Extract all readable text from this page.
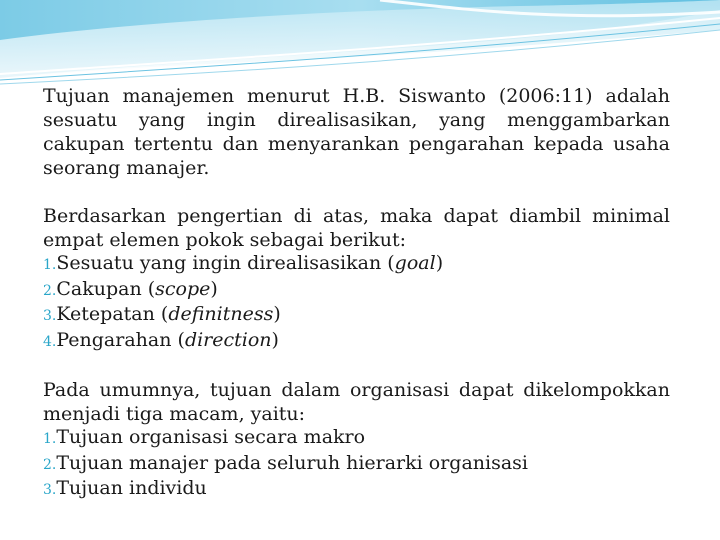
Tujuan manajemen menurut H.B. Siswanto (2006:11) adalah sesuatu yang ingin direalisasikan, yang menggambarkan cakupan tertentu dan menyarankan pengarahan kepada usaha seorang manajer.

Berdasarkan pengertian di atas, maka dapat diambil minimal empat elemen pokok sebagai berikut:

1.Sesuatu yang ingin direalisasikan (goal)
2.Cakupan (scope)
3.Ketepatan (definitness)
4.Pengarahan (direction)

Pada umumnya, tujuan dalam organisasi dapat dikelompokkan menjadi tiga macam, yaitu:

1.Tujuan organisasi secara makro
2.Tujuan manajer pada seluruh hierarki organisasi
3.Tujuan individu
